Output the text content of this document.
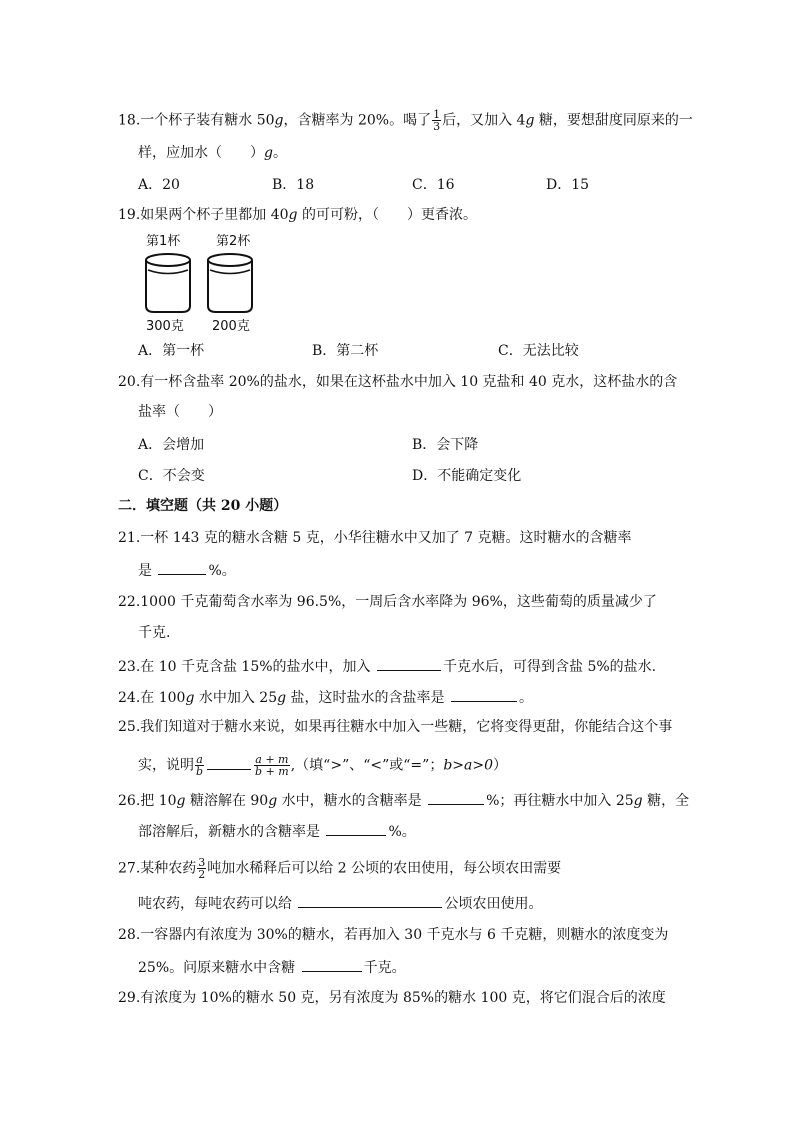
18.一个杯子装有糖水 50g，含糖率为 20%。喝了 $\frac{1}{3}$ 后，又加入 4g 糖，要想甜度同原来的一
样，应加水（　　）g。
A．20	B．18	C．16	D．15
19.如果两个杯子里都加 40g 的可可粉，（　　）更香浓。
第1杯	第2杯
300克 200克
A．第一杯	B．第二杯	C．无法比较
20.有一杯含盐率 20%的盐水，如果在这杯盐水中加入 10 克盐和 40 克水，这杯盐水的含
盐率（　　）
A．会增加	B．会下降
C．不会变	D．不能确定变化
二．填空题（共 20 小题）
21.一杯 143 克的糖水含糖 5 克，小华往糖水中又加了 7 克糖。这时糖水的含糖率
是	%。
22.1000 千克葡萄含水率为 96.5%，一周后含水率降为 96%，这些葡萄的质量减少了
千克.
23.在 10 千克含盐 15%的盐水中，加入	千克水后，可得到含盐 5%的盐水.
24.在 100g 水中加入 25g 盐，这时盐水的含盐率是	。
25.我们知道对于糖水来说，如果再往糖水中加入一些糖，它将变得更甜，你能结合这个事
实，说明 $\frac{a}{b}$	$\frac{a + m}{b + m}$ ,（填“>”、“<”或“=”；b>a>0）
26.把 10g 糖溶解在 90g 水中，糖水的含糖率是	%；再往糖水中加入 25g 糖，全
部溶解后，新糖水的含糖率是	%。
27.某种农药 $\frac{3}{2}$ 吨加水稀释后可以给 2 公顷的农田使用，每公顷农田需要
吨农药，每吨农药可以给	公顷农田使用。
28.一容器内有浓度为 30%的糖水，若再加入 30 千克水与 6 千克糖，则糖水的浓度变为
25%。问原来糖水中含糖	千克。
29.有浓度为 10%的糖水 50 克，另有浓度为 85%的糖水 100 克，将它们混合后的浓度
